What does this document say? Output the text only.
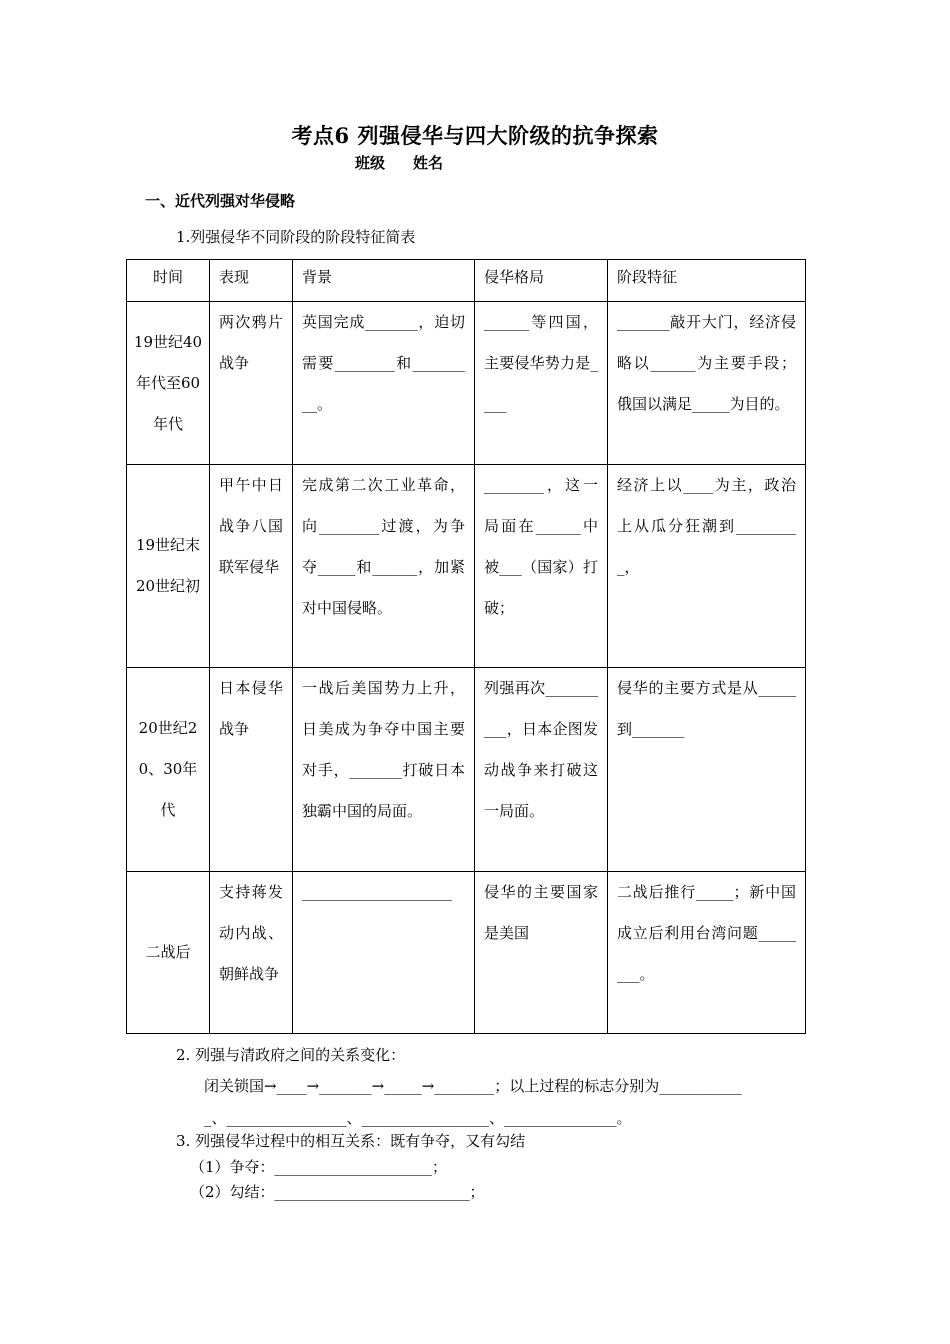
考点6 列强侵华与四大阶级的抗争探索
班级 姓名
一、近代列强对华侵略
1.列强侵华不同阶段的阶段特征简表
时间	表现	背景	侵华格局	阶段特征
19世纪40年代至60年代	两次鸦片战争	英国完成_______，迫切需要________和_________。	______等四国，主要侵华势力是____	_______敲开大门，经济侵略以______为主要手段；俄国以满足_____为目的。
19世纪末20世纪初	甲午中日战争八国联军侵华	完成第二次工业革命，向________过渡，为争夺_____和______，加紧对中国侵略。	________，这一局面在______中被___（国家）打破；	经济上以____为主，政治上从瓜分狂潮到_________，
20世纪20、30年代	日本侵华战争	一战后美国势力上升，日美成为争夺中国主要对手，_______打破日本独霸中国的局面。	列强再次__________，日本企图发动战争来打破这一局面。	侵华的主要方式是从_____到_______
二战后	支持蒋发动内战、朝鲜战争	____________________	侵华的主要国家是美国	二战后推行_____；新中国成立后利用台湾问题________。
2. 列强与清政府之间的关系变化：
闭关锁国→____→_______→_____→________；以上过程的标志分别为___________
_、________________、_________________、_______________。
3. 列强侵华过程中的相互关系：既有争夺，又有勾结
（1）争夺：_____________________；
（2）勾结：__________________________；
